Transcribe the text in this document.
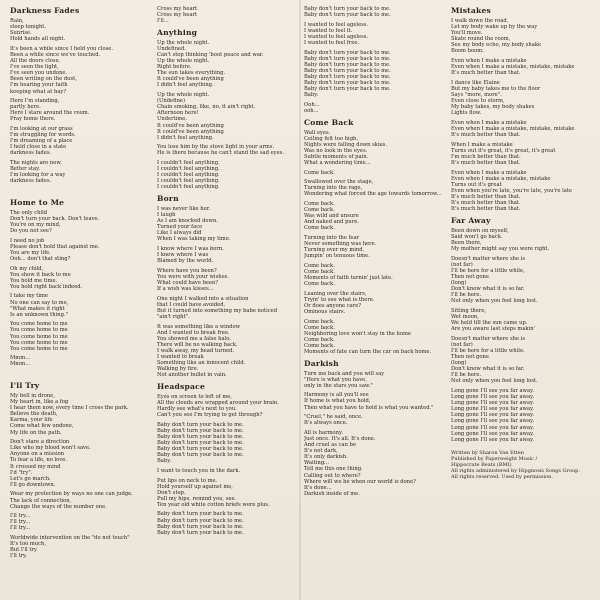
Darkness Fades
Rain,
sleep tonight.
Sunrise.
Hold hands all night.
It's been a while since I held you close.
Been a while since we've touched.
All the doors close.
I've seen the light,
I've seen you undone.
Been writing on the dust,
I'm hearing your faith
keeping what at bay?
Here I'm standing,
partly here.
Here I stare around the room.
Pray home there.
I'm looking at our grass
I'm struggling for words.
I'm dreaming of a place
I held close in a state
darkness fades.
The nights are now.
Better stay.
I'm looking for a way
darkness fades.
Home to Me
The only child
Don't turn your back. Don't leave.
You're on my mind,
Do you not see?
I need no job
Please don't hold that against me.
You are my life.
Ooh... don't that sting?
Oh my child,
You show it back to me
You hold me time.
You hold right back indeed.
I take my time
No one can say to me,
"What makes it right
Is an unknown thing."
You come home to me
You come home to me
You come home to me
You come home to me
You come home to me
Mmm...
Mmm...
I'll Try
My bell in drone,
My heart in, like a fog
I hear them now, every time I cross the park.
Believe the death,
Karma, your life
Come what few undone,
My life on the path.
Don't stare a direction
Like who my blood won't save.
Anyone on a mission
To fear a life, no love.
It crossed my mind
I'd "try".
Let's go march.
I'll go downtown.
Wear my protection by ways no one can judge.
The lack of connection,
Change the ways of the number one.
I'll try...
I'll try...
I'll try...
Worldwide intervention on the "do not touch"
It's too much,
But I'll try.
I'll try.
Cross my heart.
Cross my heart
I'll...
Anything
Up the whole night.
Undefined.
Can't stop thinking 'bout peace and war.
Up the whole night.
Right before.
The sun takes everything.
It could've been anything
I didn't feel anything.
Up the whole night.
(Undefine)
Chain smoking, like, no, it ain't right.
Afternoon here!
Undertime.
It could've been anything
It could've been anything
I didn't feel anything.
You lose him by the stove light in your arms.
He is there because he can't stand the sad eyes.
I couldn't feel anything.
I couldn't feel anything.
I couldn't feel anything.
I couldn't feel anything.
I couldn't feel anything.
Born
I was never like her.
I laugh
As I am knocked down.
Turned your face
Like I always did
When I was taking my time.
I know where I was born.
I knew where I was
Blamed by the world.
Where have you been?
You were with your wishes.
What could have been?
If a wish was kisses...
One night I walked into a situation
that I could have avoided.
But it turned into something my babe noticed
"ain't right".
It was something like a window
And I wanted to break free.
You showed me a false halo.
There will be no walking back.
I walk away, my head turned.
I wanted to break
Something like an innocent child.
Walking by fire.
Not another bullet in vain.
Headspace
Eyes on screen to left of me,
All the clouds are wrapped around your brain.
Hardly see what's next to you.
Can't you see I'm trying to get through?
Baby don't turn your back to me.
Baby don't turn your back to me.
Baby don't turn your back to me.
Baby don't turn your back to me.
Baby don't turn your back to me.
Baby don't turn your back to me.
Baby.
I want to touch you in the dark.
Put lips on neck to me.
Hold yourself up against me,
Don't stop.
Pull my hips, remind you, see.
Ten year old white cotton briefs were plus.
Baby don't turn your back to me.
Baby don't turn your back to me.
Baby don't turn your back to me.
Baby don't turn your back to me.
Baby don't turn your back to me.
Baby don't turn your back to me.
I wanted to feel ageless.
I wanted to feel it.
I wanted to feel ageless.
I wanted to feel free.
Baby don't turn your back to me.
Baby don't turn your back to me.
Baby don't turn your back to me.
Baby don't turn your back to me.
Baby don't turn your back to me.
Baby don't turn your back to me.
Baby don't turn your back to me.
Baby.
Ooh...
ooh...
Come Back
Wall eyes.
Ceiling felt too high.
Nights were falling down skies.
Was no look in the eyes.
Subtle moments of pain.
What a wondering time...
Come back.
Swallowed over the stage,
Turning into the rage,
Wondering what forced the age towards tomorrow...
Come back.
Come back.
Was wild and unsure
And naked and pure.
Come back.
Turning into the fear
Never something was here.
Turning over my mind,
Jumpin' on tenuous time.
Come back.
Come back.
Moments of faith turnin' just late.
Come back.
Leaning over the stairs,
Tryin' to see what is there.
Or does anyone care?
Ominous stairs.
Come back.
Come back.
Neighboring love won't stay in the home
Come back.
Come back.
Moments of fate can turn the car on back home.
Darkish
Turn me back and you will say
"Here is what you have,
only in the stars you saw."
Harmony is all you'll see
If home is what you hold,
Then what you have to hold is what you wanted."
"Cruel," he said, once.
It's always once.
All is harmony.
Just once. It's all. It's done.
And cruel as can be
It's not dark,
It's only darkish.
Waiting...
Tell me this one thing.
Calling out to where?
Where will we be when our world is done?
It's done...
Darkish inside of me.
Mistakes
I walk down the road,
Let my body wake up by the way
You'll move.
Skate round the room,
See my body echo, my body shake
Boom boom.
Even when I make a mistake
Even when I make a mistake, mistake, mistake
It's much better than that.
I dance like Elaine
But my baby takes me to the floor
Says "more, more".
Even close to storm,
My baby takes, my body shakes
Lights flow.
Even when I make a mistake
Even when I make a mistake, mistake, mistake
It's much better than that.
When I make a mistake
Turns out it's great, it's great, it's great
I'm much better than that.
It's much better than that.
Even when I make a mistake
Even when I make a mistake, mistake
Turns out it's great
Even when you're late, you're late, you're late
It's much better than that.
It's much better than that.
It's much better than that.
Far Away
Been down on myself,
Said won't go back.
Been there,
My mother might say you were right.
Doesn't matter where she is
(not far)
I'll be here for a little while,
Then not gone
(long)
Don't know what it is so far.
I'll be here.
Not only when you feel long lost.
Sitting there,
Wet moon,
We held till the sun came up.
Are you aware last steps makin'
Doesn't matter where she is
(not far)
I'll be here for a little while.
Then not gone
(long)
Don't know what it is so far.
I'll be here.
Not only when you feel long lost.
Long gone I'll see you far away.
Long gone I'll see you far away.
Long gone I'll see you far away.
Long gone I'll see you far away.
Long gone I'll see you far away.
Long gone I'll see you far away.
Long gone I'll see you far away.
Long gone I'll see you far away.
Long gone I'll see you far away.
Written by Sharon Van Etten
Published by Paperweight Music /
Hippocrate Beats (BMI)
All rights administered by Hipgnosis Songs Group.
All rights reserved. Used by permission.
